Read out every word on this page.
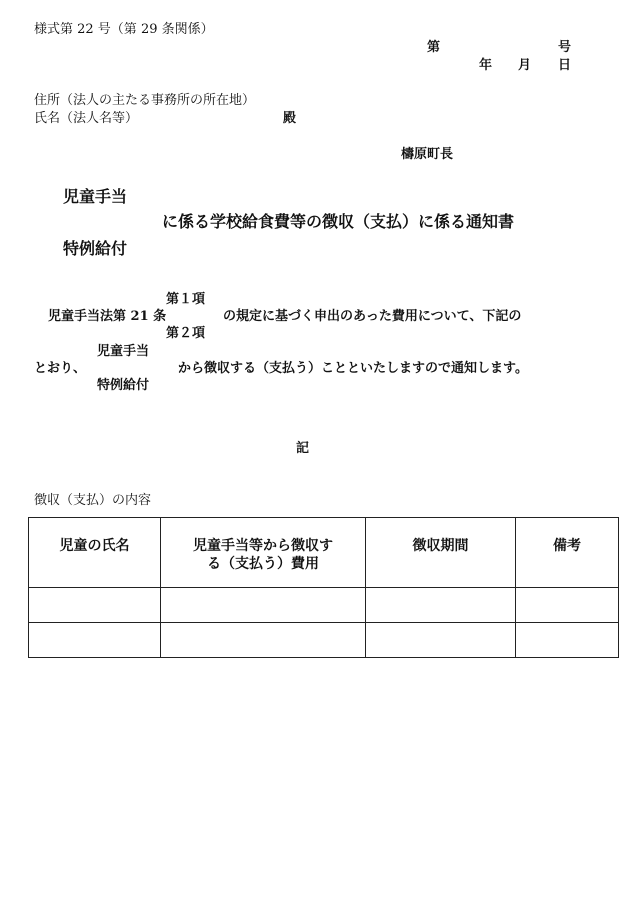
様式第 22 号（第 29 条関係）
第	号
年 月 日
住所（法人の主たる事務所の所在地）
氏名（法人名等）	殿
檮原町長
児童手当
に係る学校給食費等の徴収（支払）に係る通知書
特例給付
第１項
児童手当法第 21 条	の規定に基づく申出のあった費用について、下記の
第２項
児童手当
とおり、	から徴収する（支払う）ことといたしますので通知します。
特例給付
記
徴収（支払）の内容
児童の氏名	児童手当等から徴収する（支払う）費用	徴収期間	備考
